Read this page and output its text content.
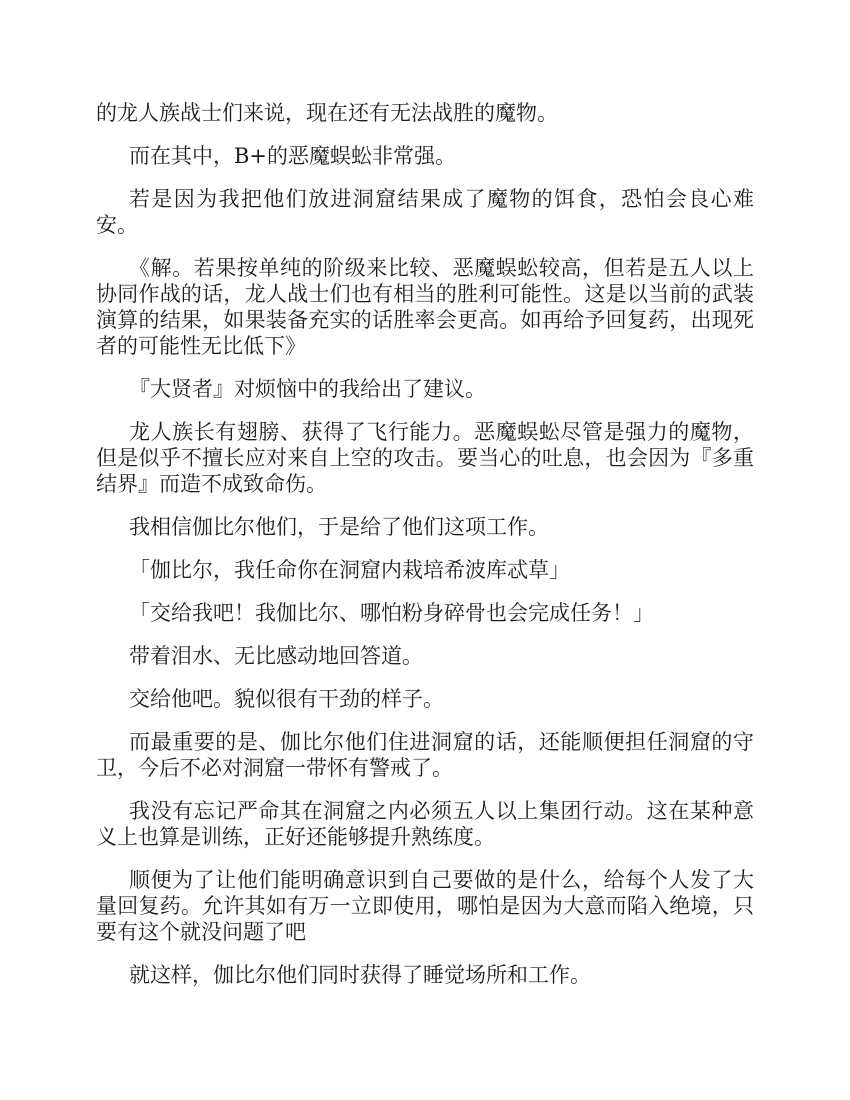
的龙人族战士们来说，现在还有无法战胜的魔物。

而在其中，B+的恶魔蜈蚣非常强。

若是因为我把他们放进洞窟结果成了魔物的饵食，恐怕会良心难安。

《解。若果按单纯的阶级来比较、恶魔蜈蚣较高，但若是五人以上协同作战的话，龙人战士们也有相当的胜利可能性。这是以当前的武装演算的结果，如果装备充实的话胜率会更高。如再给予回复药，出现死者的可能性无比低下》

『大贤者』对烦恼中的我给出了建议。

龙人族长有翅膀、获得了飞行能力。恶魔蜈蚣尽管是强力的魔物，但是似乎不擅长应对来自上空的攻击。要当心的吐息，也会因为『多重结界』而造不成致命伤。

我相信伽比尔他们，于是给了他们这项工作。

「伽比尔，我任命你在洞窟内栽培希波库忒草」

「交给我吧！我伽比尔、哪怕粉身碎骨也会完成任务！」

带着泪水、无比感动地回答道。

交给他吧。貌似很有干劲的样子。

而最重要的是、伽比尔他们住进洞窟的话，还能顺便担任洞窟的守卫，今后不必对洞窟一带怀有警戒了。

我没有忘记严命其在洞窟之内必须五人以上集团行动。这在某种意义上也算是训练，正好还能够提升熟练度。

顺便为了让他们能明确意识到自己要做的是什么，给每个人发了大量回复药。允许其如有万一立即使用，哪怕是因为大意而陷入绝境，只要有这个就没问题了吧

就这样，伽比尔他们同时获得了睡觉场所和工作。
